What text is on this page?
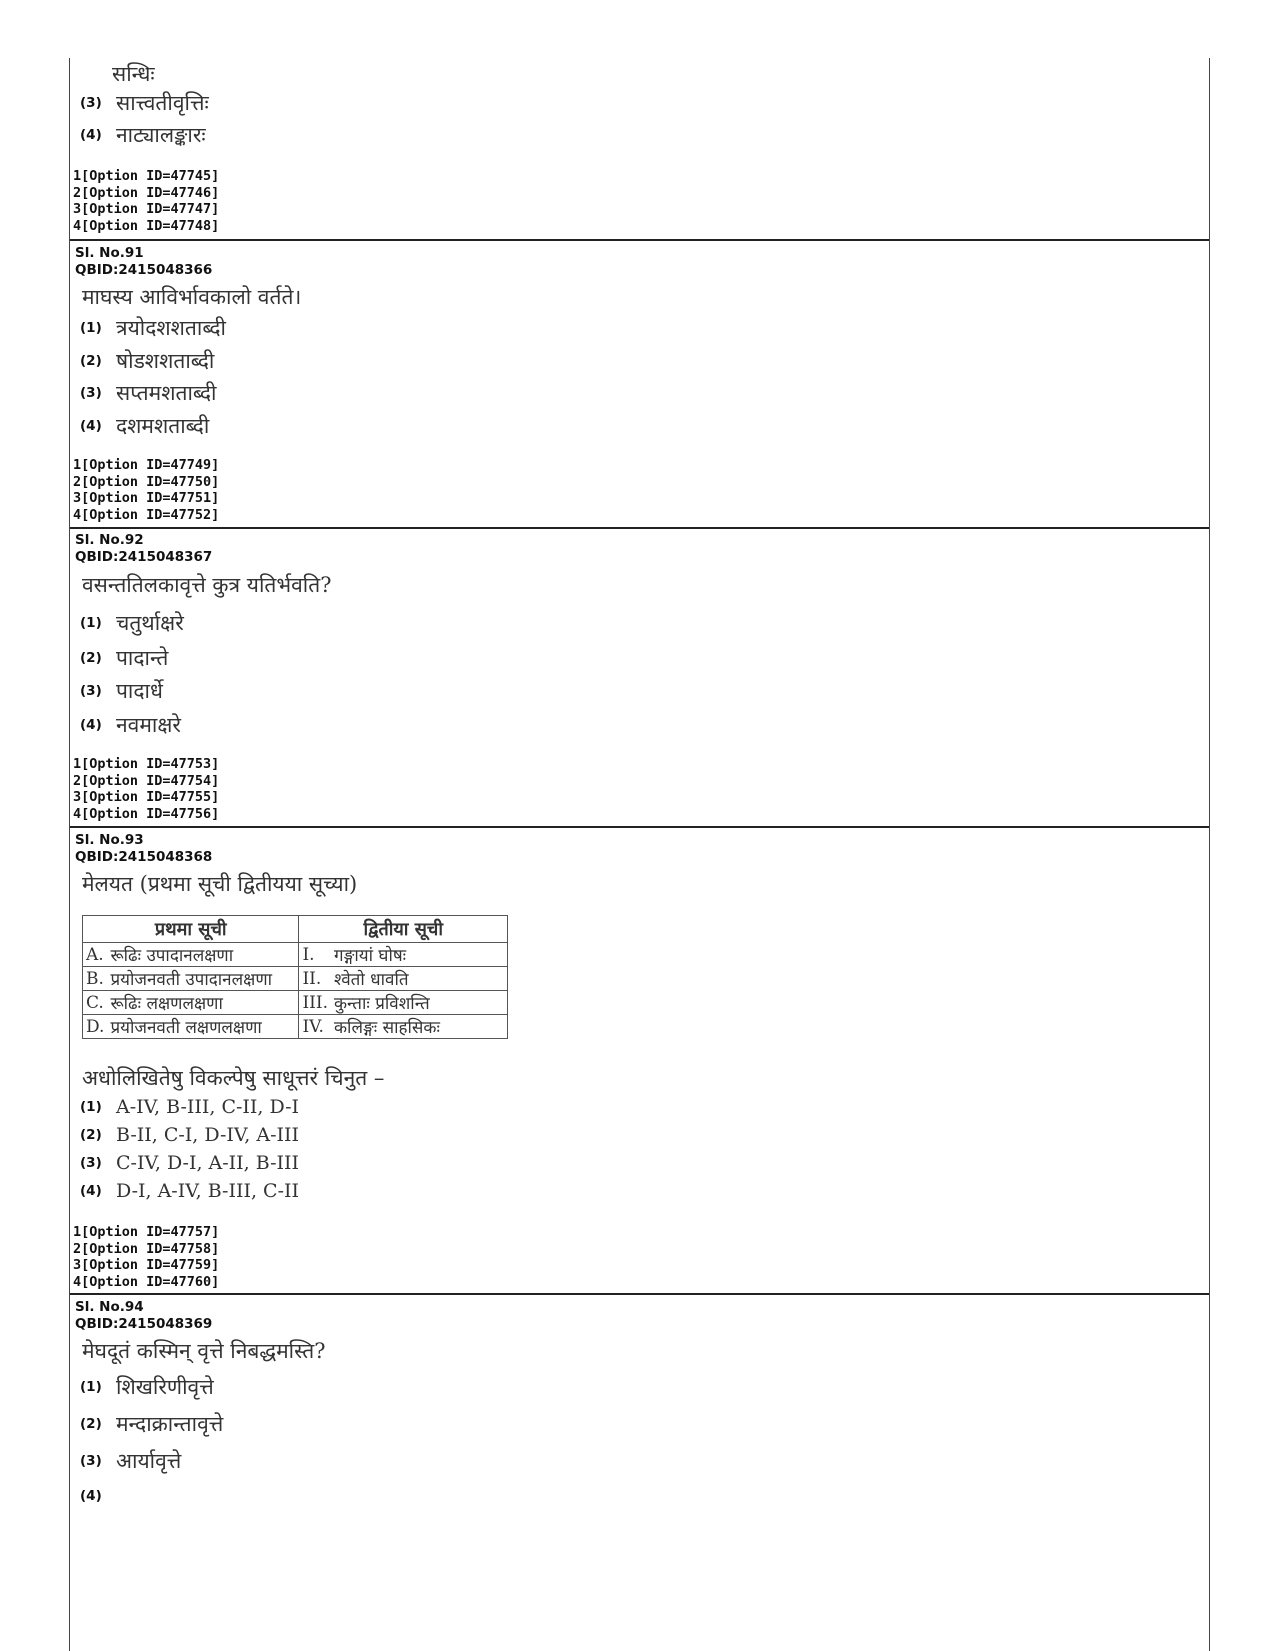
सन्धिः
(3) सात्त्वतीवृत्तिः
(4) नाट्यालङ्कारः
1[Option ID=47745]
2[Option ID=47746]
3[Option ID=47747]
4[Option ID=47748]
Sl. No.91
QBID:2415048366
माघस्य आविर्भावकालो वर्तते।
(1) त्रयोदशशताब्दी
(2) षोडशशताब्दी
(3) सप्तमशताब्दी
(4) दशमशताब्दी
1[Option ID=47749]
2[Option ID=47750]
3[Option ID=47751]
4[Option ID=47752]
Sl. No.92
QBID:2415048367
वसन्ततिलकावृत्ते कुत्र यतिर्भवति?
(1) चतुर्थाक्षरे
(2) पादान्ते
(3) पादार्धे
(4) नवमाक्षरे
1[Option ID=47753]
2[Option ID=47754]
3[Option ID=47755]
4[Option ID=47756]
Sl. No.93
QBID:2415048368
मेलयत (प्रथमा सूची द्वितीयया सूच्या)
प्रथमा सूची		द्वितीया सूची	
A.	रूढिः उपादानलक्षणा	I.	गङ्गायां घोषः
B.	प्रयोजनवती उपादानलक्षणा	II.	श्वेतो धावति
C.	रूढिः लक्षणलक्षणा	III.	कुन्ताः प्रविशन्ति
D.	प्रयोजनवती लक्षणलक्षणा	IV.	कलिङ्गः साहसिकः
अधोलिखितेषु विकल्पेषु साधूत्तरं चिनुत –
(1) A-IV, B-III, C-II, D-I
(2) B-II, C-I, D-IV, A-III
(3) C-IV, D-I, A-II, B-III
(4) D-I, A-IV, B-III, C-II
1[Option ID=47757]
2[Option ID=47758]
3[Option ID=47759]
4[Option ID=47760]
Sl. No.94
QBID:2415048369
मेघदूतं कस्मिन् वृत्ते निबद्धमस्ति?
(1) शिखरिणीवृत्ते
(2) मन्दाक्रान्तावृत्ते
(3) आर्यावृत्ते
(4)
